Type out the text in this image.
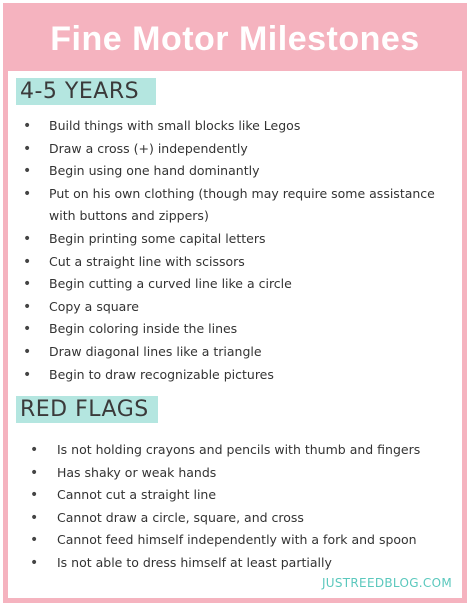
Fine Motor Milestones
4-5 YEARS
• Build things with small blocks like Legos
• Draw a cross (+) independently
• Begin using one hand dominantly
• Put on his own clothing (though may require some assistance with buttons and zippers)
• Begin printing some capital letters
• Cut a straight line with scissors
• Begin cutting a curved line like a circle
• Copy a square
• Begin coloring inside the lines
• Draw diagonal lines like a triangle
• Begin to draw recognizable pictures
RED FLAGS
• Is not holding crayons and pencils with thumb and fingers
• Has shaky or weak hands
• Cannot cut a straight line
• Cannot draw a circle, square, and cross
• Cannot feed himself independently with a fork and spoon
• Is not able to dress himself at least partially
JUSTREEDBLOG.COM
